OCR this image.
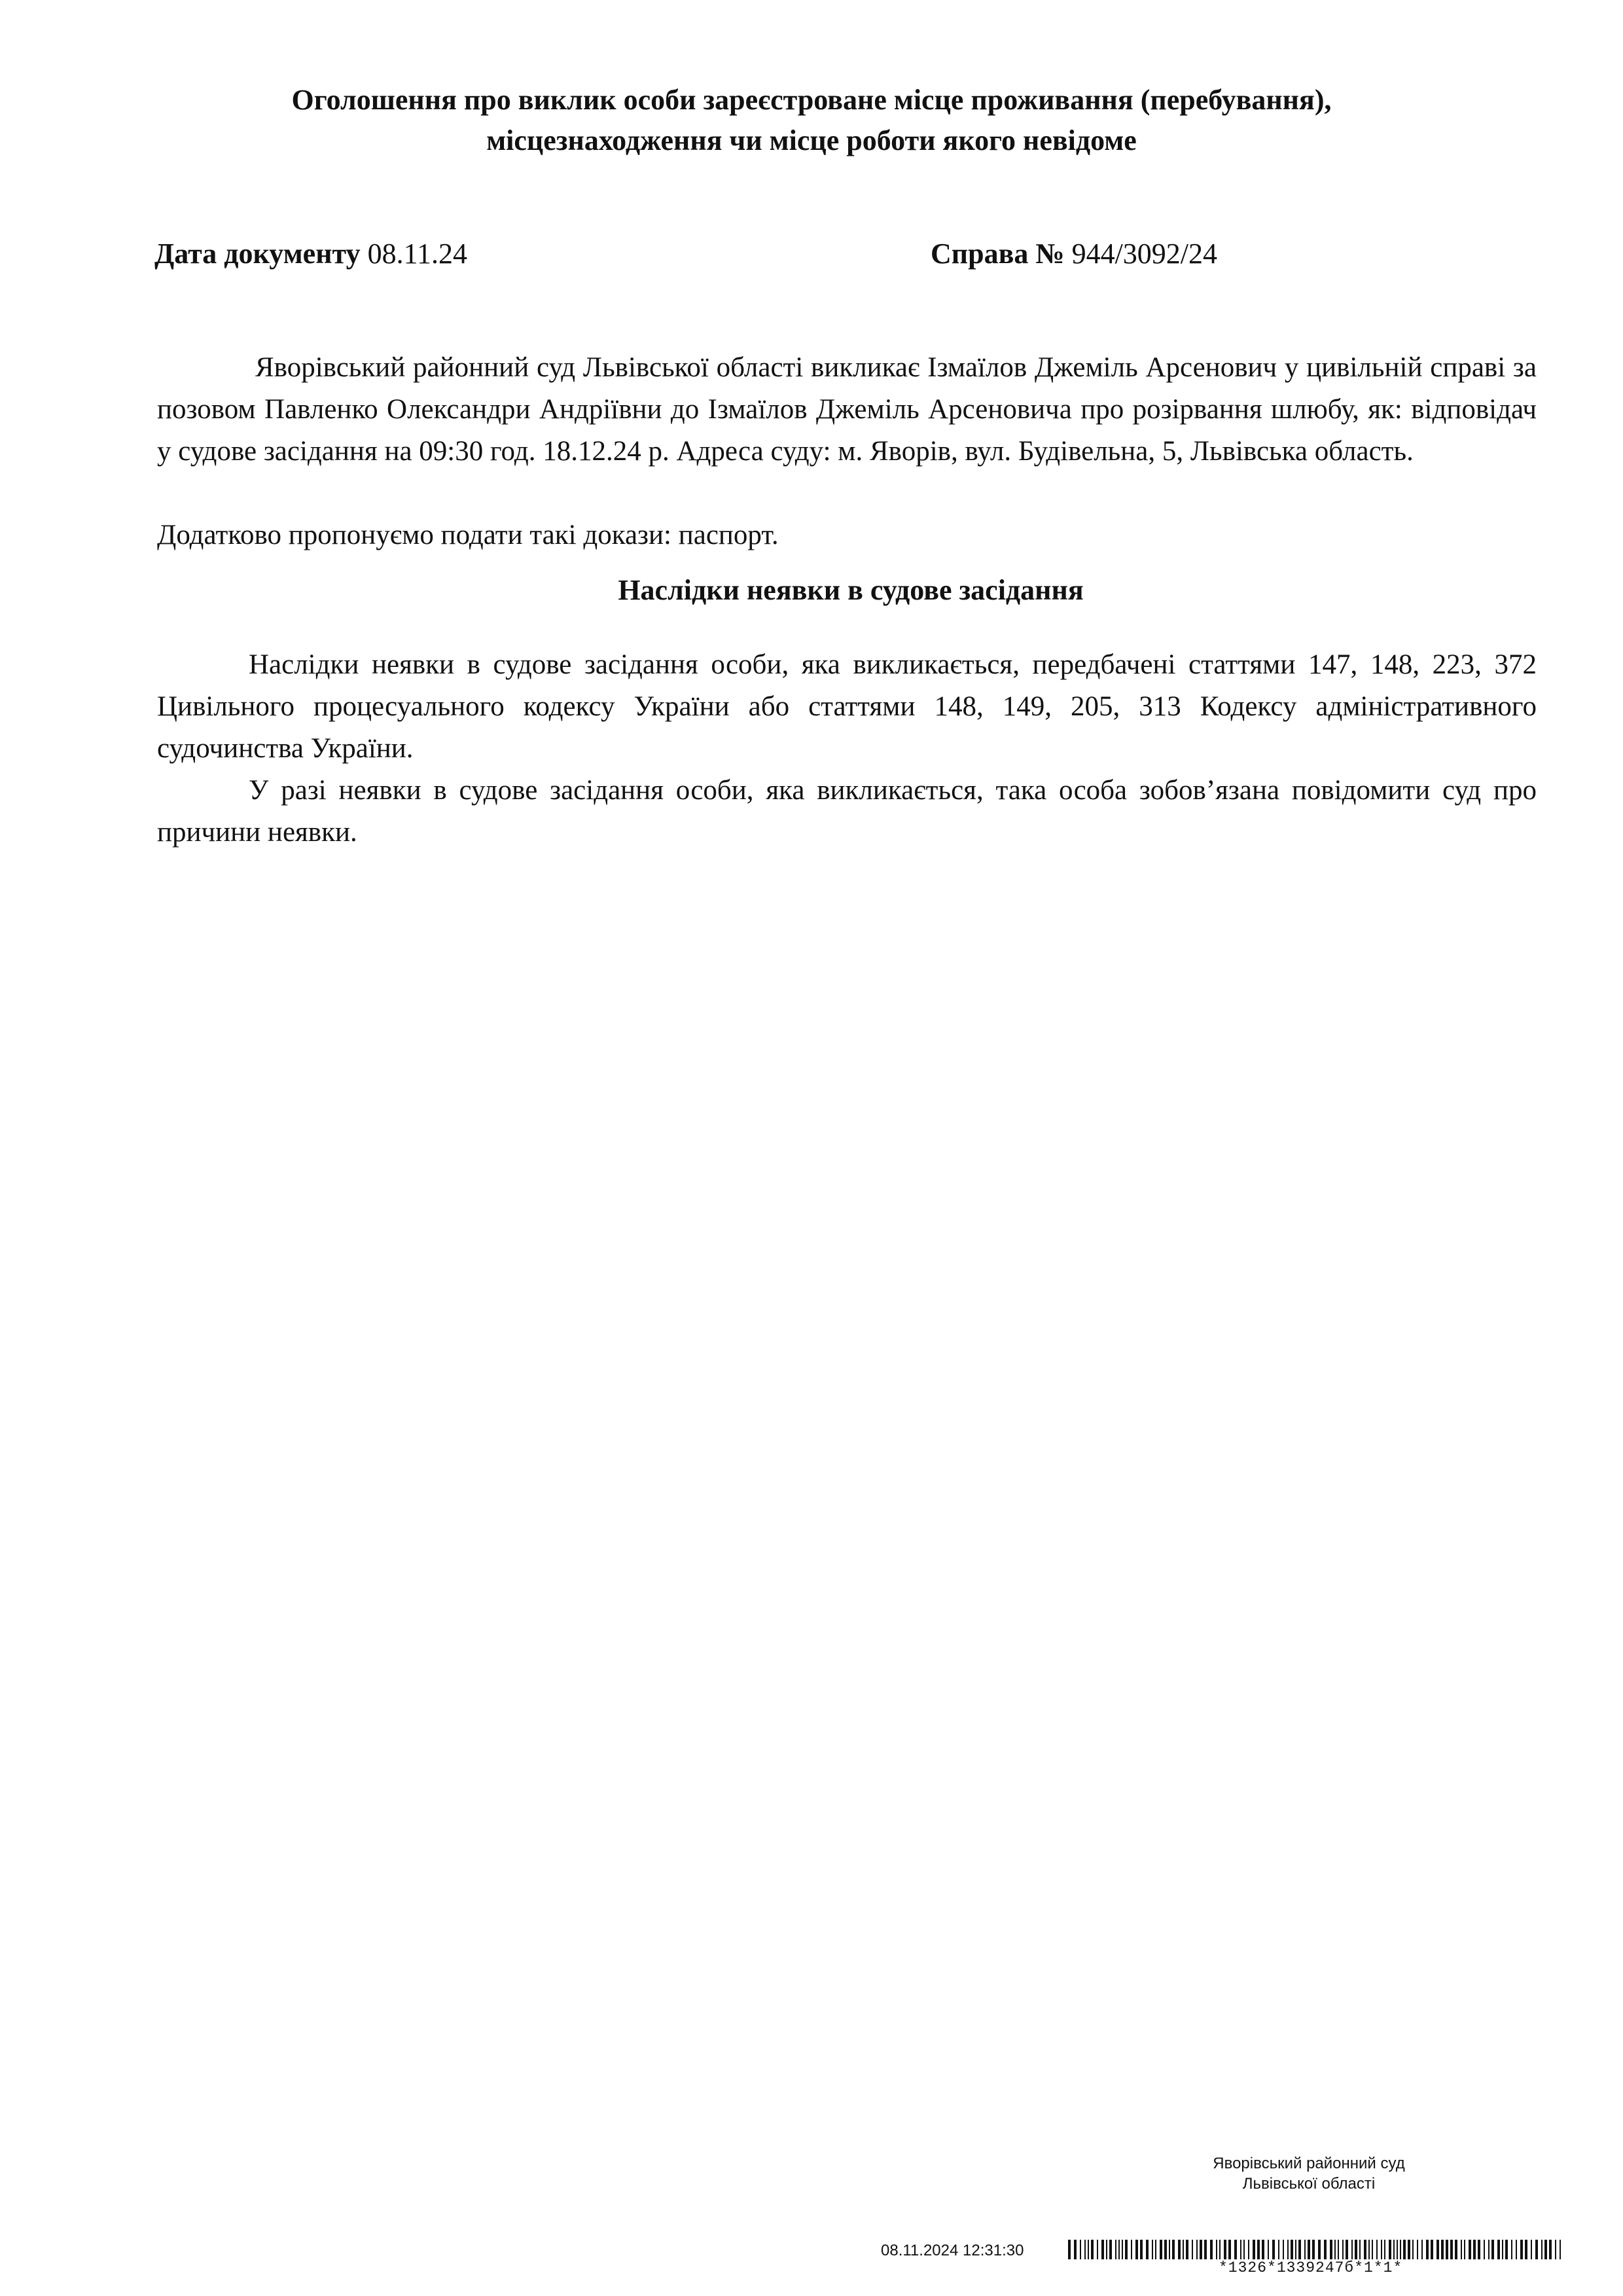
Оголошення про виклик особи зареєстроване місце проживання (перебування),
місцезнаходження чи місце роботи якого невідоме
Дата документу 08.11.24	Справа № 944/3092/24
Яворівський районний суд Львівської області викликає Ізмаїлов Джеміль Арсенович у цивільній справі за позовом Павленко Олександри Андріївни до Ізмаїлов Джеміль Арсеновича про розірвання шлюбу, як: відповідач у судове засідання на 09:30 год. 18.12.24 р. Адреса суду: м. Яворів, вул. Будівельна, 5, Львівська область.
Додатково пропонуємо подати такі докази: паспорт.
Наслідки неявки в судове засідання
Наслідки неявки в судове засідання особи, яка викликається, передбачені статтями 147, 148, 223, 372 Цивільного процесуального кодексу України або статтями 148, 149, 205, 313 Кодексу адміністративного судочинства України.
У разі неявки в судове засідання особи, яка викликається, така особа зобов’язана повідомити суд про причини неявки.
Яворівський районний суд
Львівської області
08.11.2024 12:31:30
*1326*1339247б*1*1*
